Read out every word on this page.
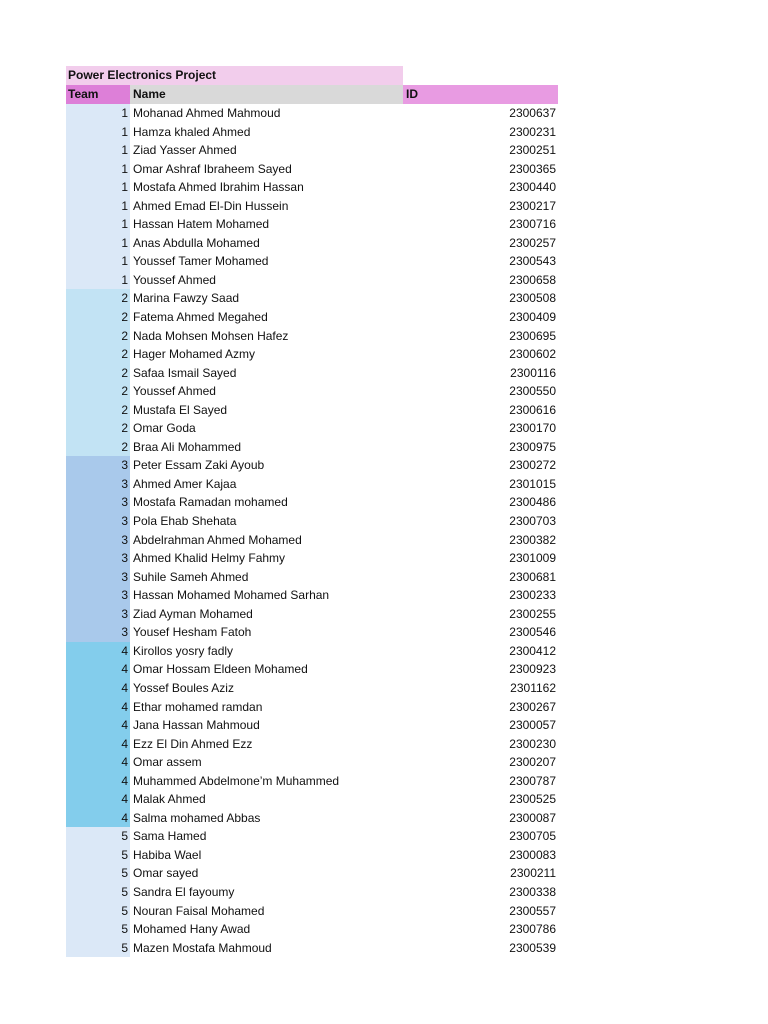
Power Electronics Project
Team	Name	ID
1 Mohanad Ahmed Mahmoud	2300637
1 Hamza khaled Ahmed	2300231
1 Ziad Yasser Ahmed	2300251
1 Omar Ashraf Ibraheem Sayed	2300365
1 Mostafa Ahmed Ibrahim Hassan	2300440
1 Ahmed Emad El-Din Hussein	2300217
1 Hassan Hatem Mohamed	2300716
1 Anas Abdulla Mohamed	2300257
1 Youssef Tamer Mohamed	2300543
1 Youssef Ahmed	2300658
2 Marina Fawzy Saad	2300508
2 Fatema Ahmed Megahed	2300409
2 Nada Mohsen Mohsen Hafez	2300695
2 Hager Mohamed Azmy	2300602
2 Safaa Ismail Sayed	2300116
2 Youssef Ahmed	2300550
2 Mustafa El Sayed	2300616
2 Omar Goda	2300170
2 Braa Ali Mohammed	2300975
3 Peter Essam Zaki Ayoub	2300272
3 Ahmed Amer Kajaa	2301015
3 Mostafa Ramadan mohamed	2300486
3 Pola Ehab Shehata	2300703
3 Abdelrahman Ahmed Mohamed	2300382
3 Ahmed Khalid Helmy Fahmy	2301009
3 Suhile Sameh Ahmed	2300681
3 Hassan Mohamed Mohamed Sarhan	2300233
3 Ziad Ayman Mohamed	2300255
3 Yousef Hesham Fatoh	2300546
4 Kirollos yosry fadly	2300412
4 Omar Hossam Eldeen Mohamed	2300923
4 Yossef Boules Aziz	2301162
4 Ethar mohamed ramdan	2300267
4 Jana Hassan Mahmoud	2300057
4 Ezz El Din Ahmed Ezz	2300230
4 Omar assem	2300207
4 Muhammed Abdelmone’m Muhammed	2300787
4 Malak Ahmed	2300525
4 Salma mohamed Abbas	2300087
5 Sama Hamed	2300705
5 Habiba Wael	2300083
5 Omar sayed	2300211
5 Sandra El fayoumy	2300338
5 Nouran Faisal Mohamed	2300557
5 Mohamed Hany Awad	2300786
5 Mazen Mostafa Mahmoud	2300539
